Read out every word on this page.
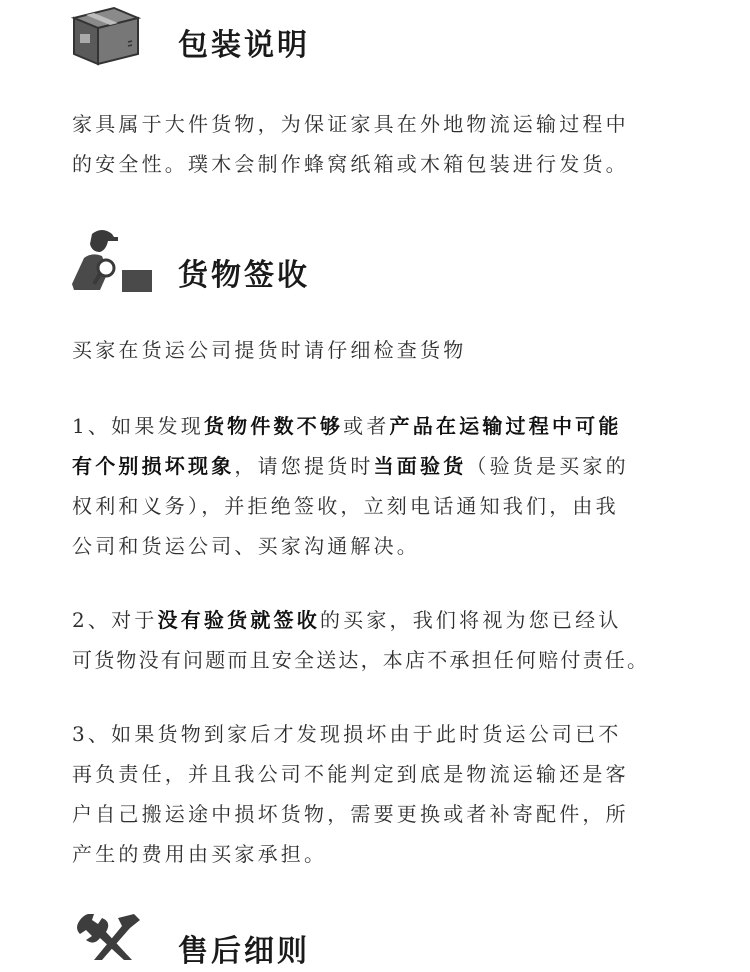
包装说明
家具属于大件货物，为保证家具在外地物流运输过程中
的安全性。璞木会制作蜂窝纸箱或木箱包装进行发货。
货物签收
买家在货运公司提货时请仔细检查货物
1、如果发现货物件数不够或者产品在运输过程中可能
有个别损坏现象，请您提货时当面验货（验货是买家的
权利和义务），并拒绝签收，立刻电话通知我们，由我
公司和货运公司、买家沟通解决。
2、对于没有验货就签收的买家，我们将视为您已经认
可货物没有问题而且安全送达，本店不承担任何赔付责任。
3、如果货物到家后才发现损坏由于此时货运公司已不
再负责任，并且我公司不能判定到底是物流运输还是客
户自己搬运途中损坏货物，需要更换或者补寄配件，所
产生的费用由买家承担。
售后细则
